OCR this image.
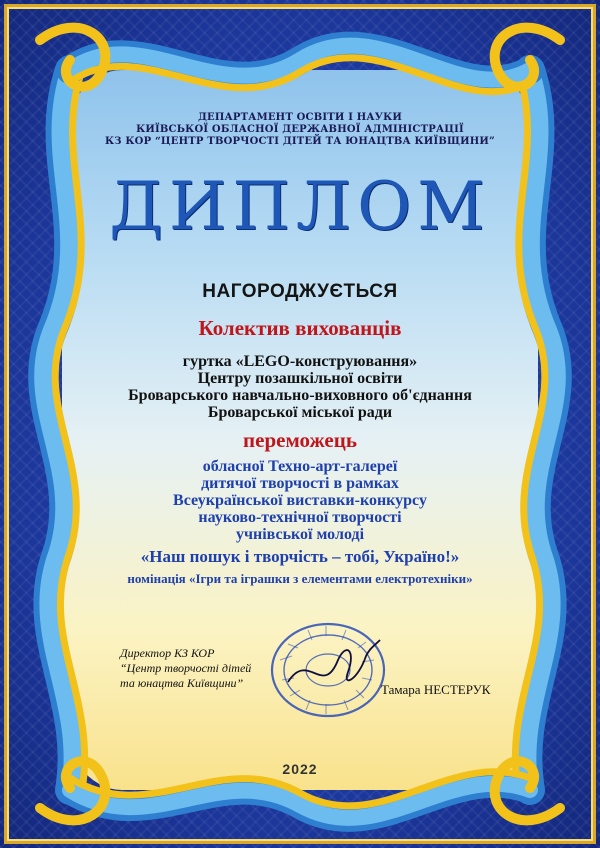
ДЕПАРТАМЕНТ ОСВІТИ І НАУКИ
КИЇВСЬКОЇ ОБЛАСНОЇ ДЕРЖАВНОЇ АДМІНІСТРАЦІЇ
КЗ КОР “ЦЕНТР ТВОРЧОСТІ ДІТЕЙ ТА ЮНАЦТВА КИЇВЩИНИ”
ДИПЛОМ
НАГОРОДЖУЄТЬСЯ
Колектив вихованців
гуртка «LEGO-конструювання»
Центру позашкільної освіти
Броварського навчально-виховного об'єднання
Броварської міської ради
переможець
обласної Техно-арт-галереї
дитячої творчості в рамках
Всеукраїнської виставки-конкурсу
науково-технічної творчості
учнівської молоді
«Наш пошук і творчість – тобі, Україно!»
номінація «Ігри та іграшки з елементами електротехніки»
Директор КЗ КОР
“Центр творчості дітей
та юнацтва Київщини”	Тамара НЕСТЕРУК
2022
